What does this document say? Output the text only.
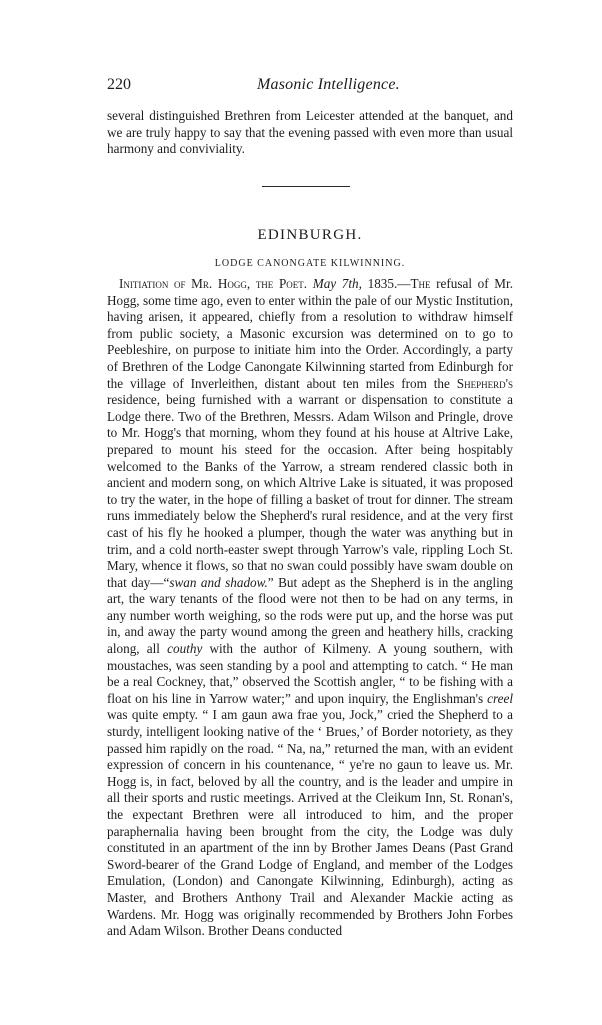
220	Masonic Intelligence.
several distinguished Brethren from Leicester attended at the banquet, and we are truly happy to say that the evening passed with even more than usual harmony and conviviality.
EDINBURGH.
LODGE CANONGATE KILWINNING.

Initiation of Mr. Hogg, the Poet. May 7th, 1835.—The refusal of Mr. Hogg, some time ago, even to enter within the pale of our Mystic Institution, having arisen, it appeared, chiefly from a resolution to withdraw himself from public society, a Masonic excursion was determined on to go to Peebleshire, on purpose to initiate him into the Order. Accordingly, a party of Brethren of the Lodge Canongate Kilwinning started from Edinburgh for the village of Inverleithen, distant about ten miles from the Shepherd's residence, being furnished with a warrant or dispensation to constitute a Lodge there. Two of the Brethren, Messrs. Adam Wilson and Pringle, drove to Mr. Hogg's that morning, whom they found at his house at Altrive Lake, prepared to mount his steed for the occasion. After being hospitably welcomed to the Banks of the Yarrow, a stream rendered classic both in ancient and modern song, on which Altrive Lake is situated, it was proposed to try the water, in the hope of filling a basket of trout for dinner. The stream runs immediately below the Shepherd's rural residence, and at the very first cast of his fly he hooked a plumper, though the water was anything but in trim, and a cold north-easter swept through Yarrow's vale, rippling Loch St. Mary, whence it flows, so that no swan could possibly have swam double on that day—“swan and shadow.” But adept as the Shepherd is in the angling art, the wary tenants of the flood were not then to be had on any terms, in any number worth weighing, so the rods were put up, and the horse was put in, and away the party wound among the green and heathery hills, cracking along, all couthy with the author of Kilmeny. A young southern, with moustaches, was seen standing by a pool and attempting to catch. “ He man be a real Cockney, that,” observed the Scottish angler, “ to be fishing with a float on his line in Yarrow water;” and upon inquiry, the Englishman's creel was quite empty. “ I am gaun awa frae you, Jock,” cried the Shepherd to a sturdy, intelligent looking native of the ‘ Brues,’ of Border notoriety, as they passed him rapidly on the road. “ Na, na,” returned the man, with an evident expression of concern in his countenance, “ ye're no gaun to leave us. Mr. Hogg is, in fact, beloved by all the country, and is the leader and umpire in all their sports and rustic meetings. Arrived at the Cleikum Inn, St. Ronan's, the expectant Brethren were all introduced to him, and the proper paraphernalia having been brought from the city, the Lodge was duly constituted in an apartment of the inn by Brother James Deans (Past Grand Sword-bearer of the Grand Lodge of England, and member of the Lodges Emulation, (London) and Canongate Kilwinning, Edinburgh), acting as Master, and Brothers Anthony Trail and Alexander Mackie acting as Wardens. Mr. Hogg was originally recommended by Brothers John Forbes and Adam Wilson. Brother Deans conducted
